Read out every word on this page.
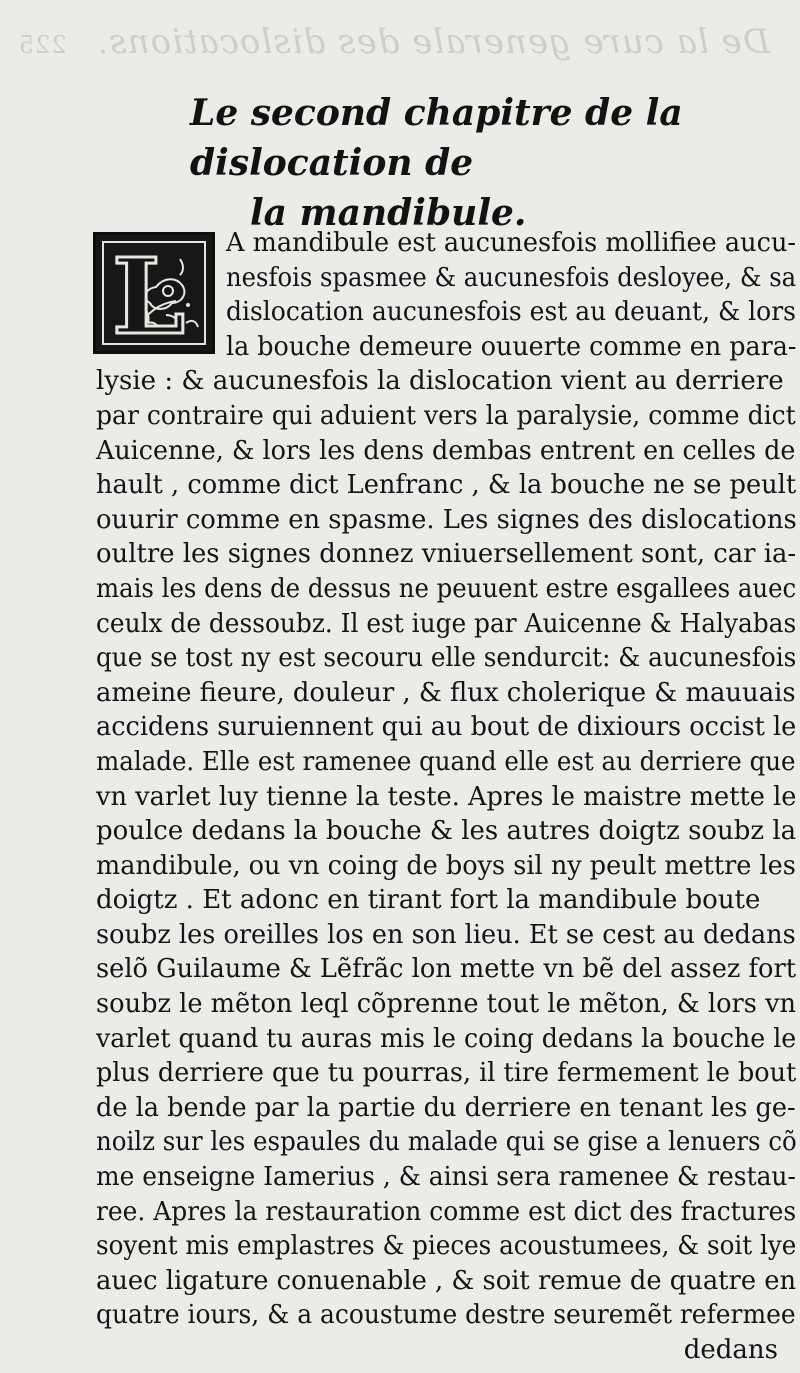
De la cure generale des dislocations. 225
Le second chapitre de la dislocation de
la mandibule.
L	A mandibule est aucunesfois mollifiee aucu-
nesfois spasmee & aucunesfois desloyee, & sa
dislocation aucunesfois est au deuant, & lors
la bouche demeure ouuerte comme en para-
lysie : & aucunesfois la dislocation vient au derriere
par contraire qui aduient vers la paralysie, comme dict
Auicenne, & lors les dens dembas entrent en celles de
hault , comme dict Lenfranc , & la bouche ne se peult
ouurir comme en spasme. Les signes des dislocations
oultre les signes donnez vniuersellement sont, car ia-
mais les dens de dessus ne peuuent estre esgallees auec
ceulx de dessoubz. Il est iuge par Auicenne & Halyabas
que se tost ny est secouru elle sendurcit: & aucunesfois
ameine fieure, douleur , & flux cholerique & mauuais
accidens suruiennent qui au bout de dixiours occist le
malade. Elle est ramenee quand elle est au derriere que
vn varlet luy tienne la teste. Apres le maistre mette le
poulce dedans la bouche & les autres doigtz soubz la
mandibule, ou vn coing de boys sil ny peult mettre les
doigtz . Et adonc en tirant fort la mandibule boute
soubz les oreilles los en son lieu. Et se cest au dedans
selõ Guilaume & Lẽfrãc lon mette vn bẽ del assez fort
soubz le mẽton leql cõprenne tout le mẽton, & lors vn
varlet quand tu auras mis le coing dedans la bouche le
plus derriere que tu pourras, il tire fermement le bout
de la bende par la partie du derriere en tenant les ge-
noilz sur les espaules du malade qui se gise a lenuers cõ
me enseigne Iamerius , & ainsi sera ramenee & restau-
ree. Apres la restauration comme est dict des fractures
soyent mis emplastres & pieces acoustumees, & soit lye
auec ligature conuenable , & soit remue de quatre en
quatre iours, & a acoustume destre seuremẽt refermee
dedans
